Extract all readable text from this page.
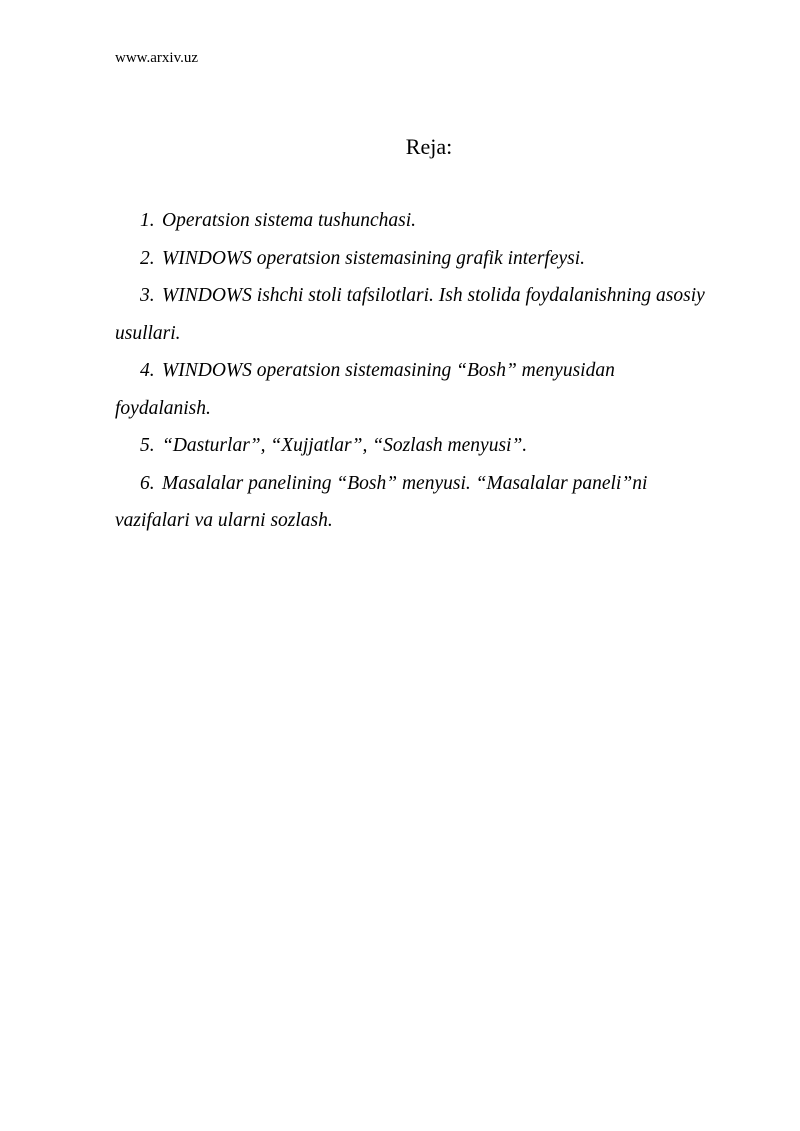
www.arxiv.uz
Reja:

1. Operatsion sistema tushunchasi.

2. WINDOWS operatsion sistemasining grafik interfeysi.

3. WINDOWS ishchi stoli tafsilotlari. Ish stolida foydalanishning asosiy usullari.

4. WINDOWS operatsion sistemasining “Bosh” menyusidan foydalanish.

5. “Dasturlar”, “Xujjatlar”, “Sozlash menyusi”.

6. Masalalar panelining “Bosh” menyusi. “Masalalar paneli”ni vazifalari va ularni sozlash.
